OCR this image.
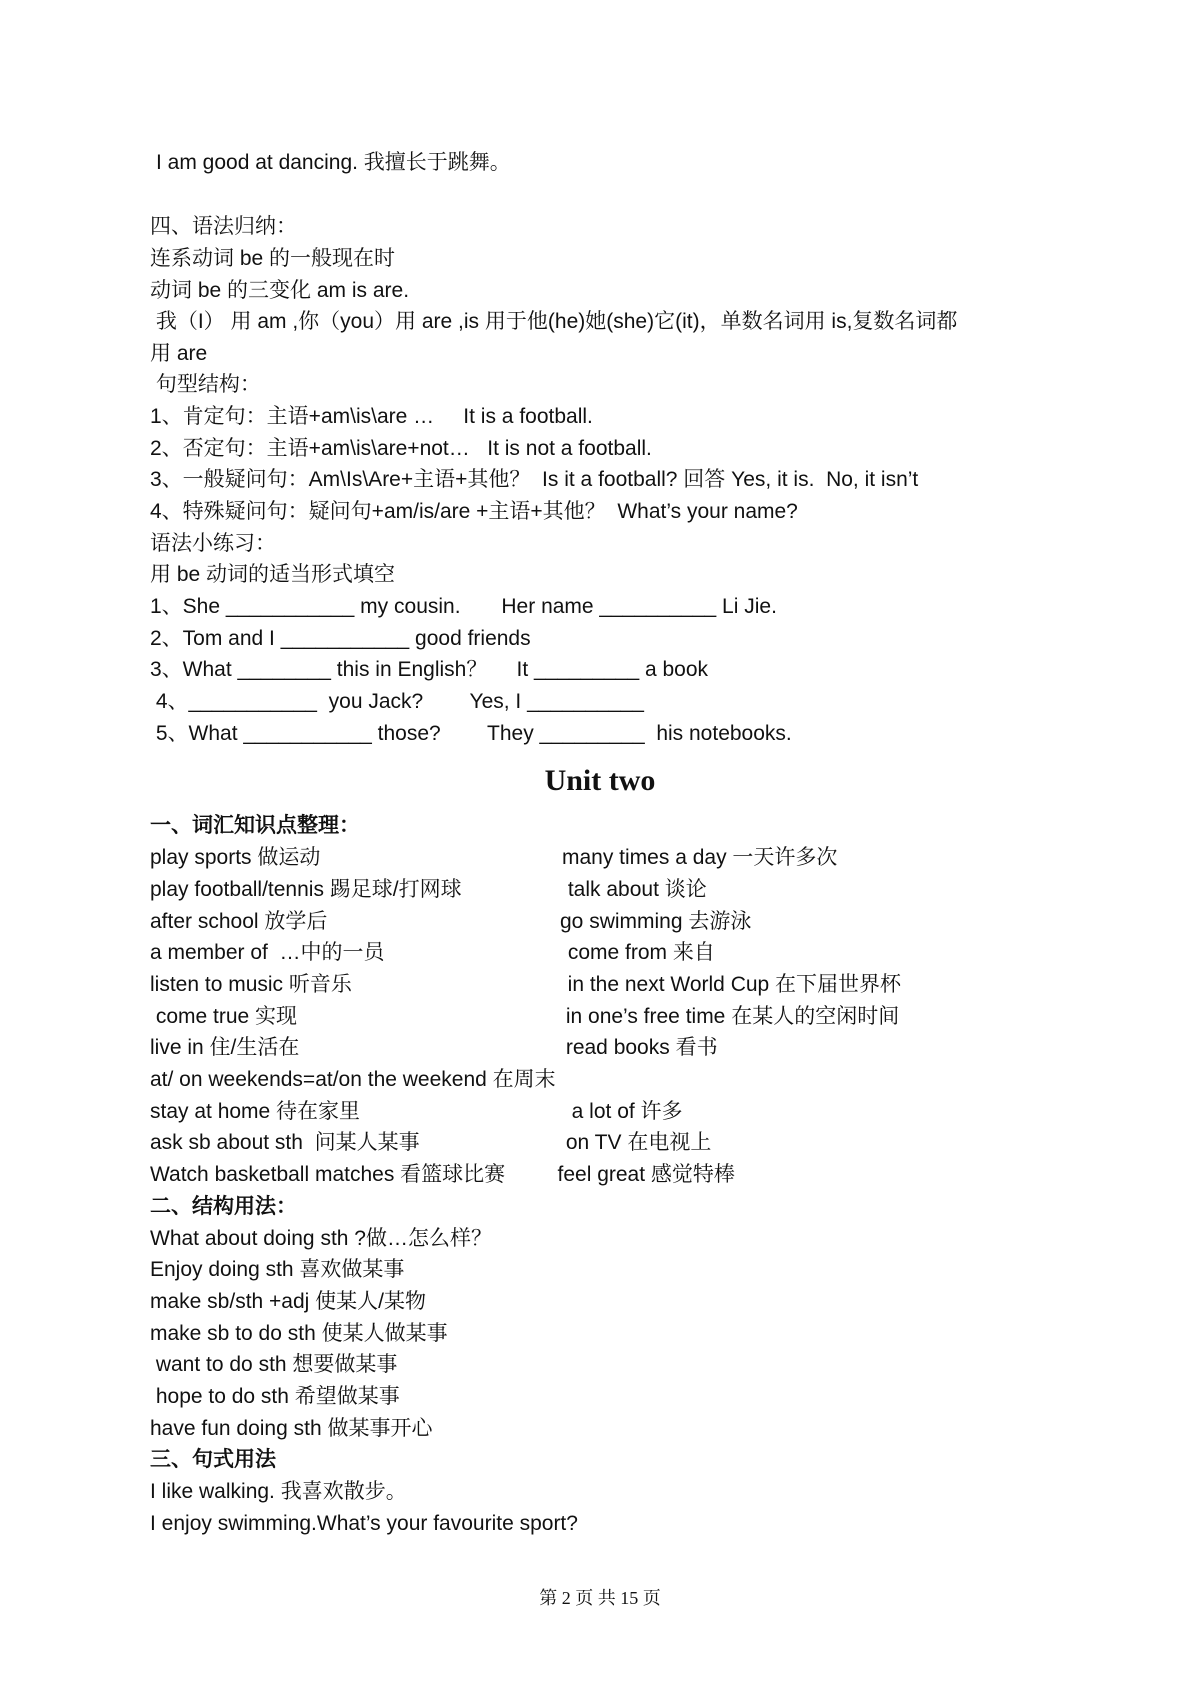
I am good at dancing. 我擅长于跳舞。
四、语法归纳：
连系动词 be 的一般现在时
动词 be 的三变化 am is are.
我（I） 用 am ,你（you）用 are ,is 用于他(he)她(she)它(it)，单数名词用 is,复数名词都
用 are
句型结构：
1、肯定句：主语+am\is\are …     It is a football.
2、否定句：主语+am\is\are+not…   It is not a football.
3、一般疑问句：Am\Is\Are+主语+其他？  Is it a football? 回答 Yes, it is.  No, it isn’t
4、特殊疑问句：疑问句+am/is/are +主语+其他？  What’s your name?
语法小练习：
用 be 动词的适当形式填空
1、She ___________ my cousin.       Her name __________ Li Jie.
2、Tom and I ___________ good friends
3、What ________ this in English？     It _________ a book
4、___________  you Jack?        Yes, I __________
5、What ___________ those?        They _________  his notebooks.
Unit two
一、词汇知识点整理：
play sports 做运动	many times a day 一天许多次
play football/tennis 踢足球/打网球	talk about 谈论
after school 放学后	go swimming 去游泳
a member of  …中的一员	come from 来自
listen to music 听音乐	in the next World Cup 在下届世界杯
come true 实现	in one’s free time 在某人的空闲时间
live in 住/生活在	read books 看书
at/ on weekends=at/on the weekend 在周末
stay at home 待在家里	a lot of 许多
ask sb about sth  问某人某事	on TV 在电视上
Watch basketball matches 看篮球比赛 feel great 感觉特棒
二、结构用法：
What about doing sth ?做…怎么样？
Enjoy doing sth 喜欢做某事
make sb/sth +adj 使某人/某物
make sb to do sth 使某人做某事
want to do sth 想要做某事
hope to do sth 希望做某事
have fun doing sth 做某事开心
三、句式用法
I like walking. 我喜欢散步。
I enjoy swimming.What’s your favourite sport?
第 2 页 共 15 页
